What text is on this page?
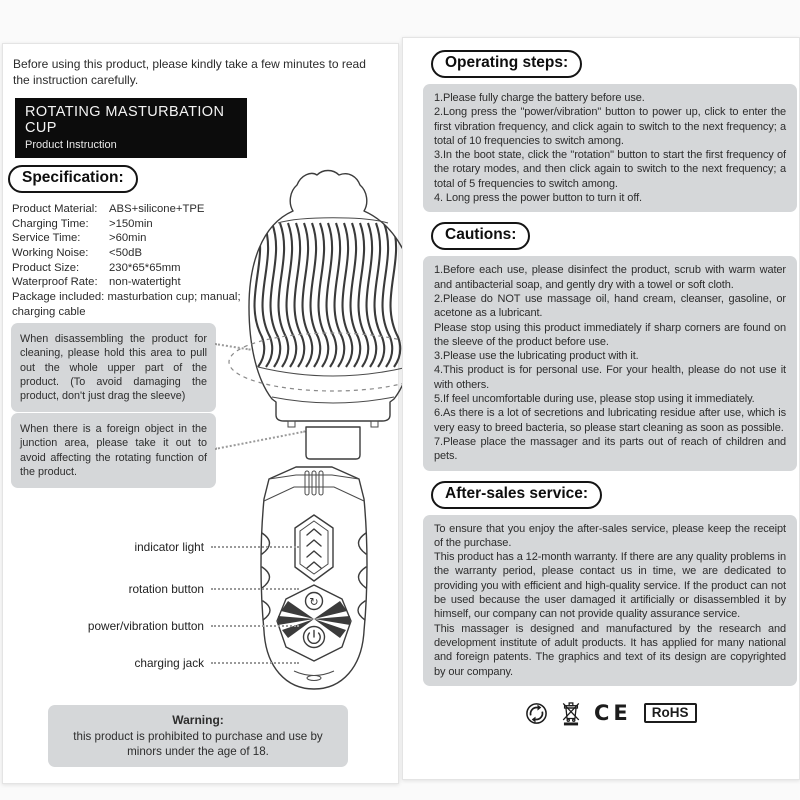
Before using this product, please kindly take a few minutes to read the instruction carefully.
ROTATING MASTURBATION CUP
Product Instruction
Specification:
Product Material: ABS+silicone+TPE
Charging Time: >150min
Service Time:	>60min
Working Noise: <50dB
Product Size:	230*65*65mm
Waterproof Rate: non-watertight
Package included: masturbation cup; manual; charging cable
When disassembling the product for cleaning, please hold this area to pull out the whole upper part of the product. (To avoid damaging the product, don't just drag the sleeve)
When there is a foreign object in the junction area, please take it out to avoid affecting the rotating function of the product.
↻
indicator light
rotation button
power/vibration button
charging jack
Warning:
this product is prohibited to purchase and use by minors under the age of 18.
Operating steps:
1.Please fully charge the battery before use.
2.Long press the "power/vibration" button to power up, click to enter the first vibration frequency, and click again to switch to the next frequency; a total of 10 frequencies to switch among.
3.In the boot state, click the "rotation" button to start the first frequency of the rotary modes, and then click again to switch to the next frequency; a total of 5 frequencies to switch among.
4. Long press the power button to turn it off.
Cautions:
1.Before each use, please disinfect the product, scrub with warm water and antibacterial soap, and gently dry with a towel or soft cloth.
2.Please do NOT use massage oil, hand cream, cleanser, gasoline, or acetone as a lubricant.
Please stop using this product immediately if sharp corners are found on the sleeve of the product before use.
3.Please use the lubricating product with it.
4.This product is for personal use. For your health, please do not use it with others.
5.If feel uncomfortable during use, please stop using it immediately.
6.As there is a lot of secretions and lubricating residue after use, which is very easy to breed bacteria, so please start cleaning as soon as possible.
7.Please place the massager and its parts out of reach of children and pets.
After-sales service:
To ensure that you enjoy the after-sales service, please keep the receipt of the purchase.
This product has a 12-month warranty. If there are any quality problems in the warranty period, please contact us in time, we are dedicated to providing you with efficient and high-quality service. If the product can not be used because the user damaged it artificially or disassembled it by himself, our company can not provide quality assurance service.
This massager is designed and manufactured by the research and development institute of adult products. It has applied for many national and foreign patents. The graphics and text of its design are copyrighted by our company.
CE	RoHS
